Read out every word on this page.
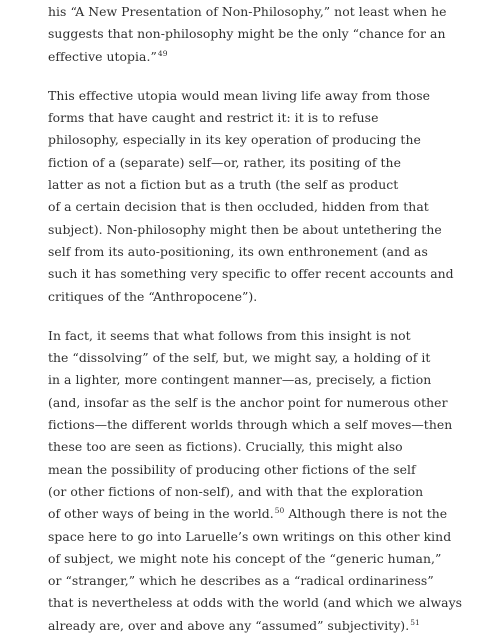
his “A New Presentation of Non-Philosophy,” not least when he
suggests that non-philosophy might be the only “chance for an
effective utopia.”$^{49}$
This effective utopia would mean living life away from those
forms that have caught and restrict it: it is to refuse
philosophy, especially in its key operation of producing the
fiction of a (separate) self—or, rather, its positing of the
latter as not a fiction but as a truth (the self as product
of a certain decision that is then occluded, hidden from that
subject). Non-philosophy might then be about untethering the
self from its auto-positioning, its own enthronement (and as
such it has something very specific to offer recent accounts and
critiques of the “Anthropocene”).
In fact, it seems that what follows from this insight is not
the “dissolving” of the self, but, we might say, a holding of it
in a lighter, more contingent manner—as, precisely, a fiction
(and, insofar as the self is the anchor point for numerous other
fictions—the different worlds through which a self moves—then
these too are seen as fictions). Crucially, this might also
mean the possibility of producing other fictions of the self
(or other fictions of non-self), and with that the exploration
of other ways of being in the world.$^{50}$ Although there is not the
space here to go into Laruelle’s own writings on this other kind
of subject, we might note his concept of the “generic human,”
or “stranger,” which he describes as a “radical ordinariness”
that is nevertheless at odds with the world (and which we always
already are, over and above any “assumed” subjectivity).$^{51}$
